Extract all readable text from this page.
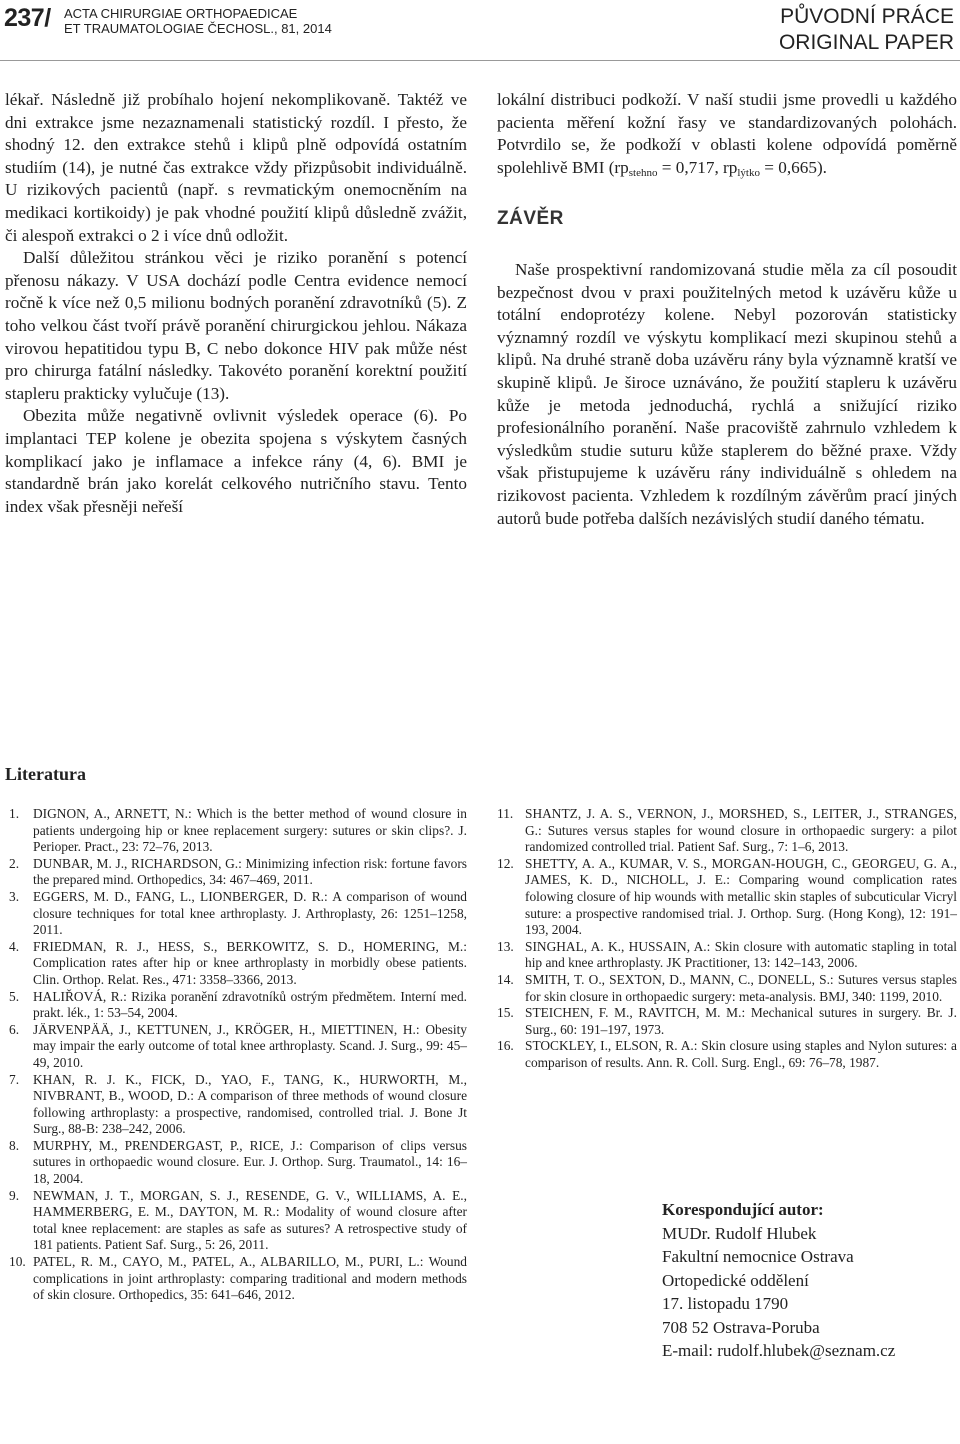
237/ ACTA CHIRURGIAE ORTHOPAEDICAE
ET TRAUMATOLOGIAE ČECHOSL., 81, 2014
PŮVODNÍ PRÁCE
ORIGINAL PAPER

lékař. Následně již probíhalo hojení nekomplikovaně. Taktéž ve dni extrakce jsme nezaznamenali statistický rozdíl. I přesto, že shodný 12. den extrakce stehů i klipů plně odpovídá ostatním studiím (14), je nutné čas extrakce vždy přizpůsobit individuálně. U rizikových pacientů (např. s revmatickým onemocněním na medikaci kortikoidy) je pak vhodné použití klipů důsledně zvážit, či alespoň extrakci o 2 i více dnů odložit.

Další důležitou stránkou věci je riziko poranění s potencí přenosu nákazy. V USA dochází podle Centra evidence nemocí ročně k více než 0,5 milionu bodných poranění zdravotníků (5). Z toho velkou část tvoří právě poranění chirurgickou jehlou. Nákaza virovou hepatitidou typu B, C nebo dokonce HIV pak může nést pro chirurga fatální následky. Takovéto poranění korektní použití stapleru prakticky vylučuje (13).

Obezita může negativně ovlivnit výsledek operace (6). Po implantaci TEP kolene je obezita spojena s výskytem časných komplikací jako je inflamace a infekce rány (4, 6). BMI je standardně brán jako korelát celkového nutričního stavu. Tento index však přesněji neřeší

lokální distribuci podkoží. V naší studii jsme provedli u každého pacienta měření kožní řasy ve standardizovaných polohách. Potvrdilo se, že podkoží v oblasti kolene odpovídá poměrně spolehlivě BMI ($rp_{stehno} = 0,717$, $rp_{lýtko} = 0,665$).

ZÁVĚR

Naše prospektivní randomizovaná studie měla za cíl posoudit bezpečnost dvou v praxi použitelných metod k uzávěru kůže u totální endoprotézy kolene. Nebyl pozorován statisticky významný rozdíl ve výskytu komplikací mezi skupinou stehů a klipů. Na druhé straně doba uzávěru rány byla významně kratší ve skupině klipů. Je široce uznáváno, že použití stapleru k uzávěru kůže je metoda jednoduchá, rychlá a snižující riziko profesionálního poranění. Naše pracoviště zahrnulo vzhledem k výsledkům studie suturu kůže staplerem do běžné praxe. Vždy však přistupujeme k uzávěru rány individuálně s ohledem na rizikovost pacienta. Vzhledem k rozdílným závěrům prací jiných autorů bude potřeba dalších nezávislých studií daného tématu.

Literatura
1. DIGNON, A., ARNETT, N.: Which is the better method of wound closure in patients undergoing hip or knee replacement surgery: sutures or skin clips?. J. Perioper. Pract., 23: 72–76, 2013.
2. DUNBAR, M. J., RICHARDSON, G.: Minimizing infection risk: fortune favors the prepared mind. Orthopedics, 34: 467–469, 2011.
3. EGGERS, M. D., FANG, L., LIONBERGER, D. R.: A comparison of wound closure techniques for total knee arthroplasty. J. Arthroplasty, 26: 1251–1258, 2011.
4. FRIEDMAN, R. J., HESS, S., BERKOWITZ, S. D., HOMERING, M.: Complication rates after hip or knee arthroplasty in morbidly obese patients. Clin. Orthop. Relat. Res., 471: 3358–3366, 2013.
5. HALIŘOVÁ, R.: Rizika poranění zdravotníků ostrým předmětem. Interní med. prakt. lék., 1: 53–54, 2004.
6. JÄRVENPÄÄ, J., KETTUNEN, J., KRÖGER, H., MIETTINEN, H.: Obesity may impair the early outcome of total knee arthroplasty. Scand. J. Surg., 99: 45–49, 2010.
7. KHAN, R. J. K., FICK, D., YAO, F., TANG, K., HURWORTH, M., NIVBRANT, B., WOOD, D.: A comparison of three methods of wound closure following arthroplasty: a prospective, randomised, controlled trial. J. Bone Jt Surg., 88-B: 238–242, 2006.
8. MURPHY, M., PRENDERGAST, P., RICE, J.: Comparison of clips versus sutures in orthopaedic wound closure. Eur. J. Orthop. Surg. Traumatol., 14: 16–18, 2004.
9. NEWMAN, J. T., MORGAN, S. J., RESENDE, G. V., WILLIAMS, A. E., HAMMERBERG, E. M., DAYTON, M. R.: Modality of wound closure after total knee replacement: are staples as safe as sutures? A retrospective study of 181 patients. Patient Saf. Surg., 5: 26, 2011.
10. PATEL, R. M., CAYO, M., PATEL, A., ALBARILLO, M., PURI, L.: Wound complications in joint arthroplasty: comparing traditional and modern methods of skin closure. Orthopedics, 35: 641–646, 2012.
11. SHANTZ, J. A. S., VERNON, J., MORSHED, S., LEITER, J., STRANGES, G.: Sutures versus staples for wound closure in orthopaedic surgery: a pilot randomized controlled trial. Patient Saf. Surg., 7: 1–6, 2013.
12. SHETTY, A. A., KUMAR, V. S., MORGAN-HOUGH, C., GEORGEU, G. A., JAMES, K. D., NICHOLL, J. E.: Comparing wound complication rates folowing closure of hip wounds with metallic skin staples of subcuticular Vicryl suture: a prospective randomised trial. J. Orthop. Surg. (Hong Kong), 12: 191–193, 2004.
13. SINGHAL, A. K., HUSSAIN, A.: Skin closure with automatic stapling in total hip and knee arthroplasty. JK Practitioner, 13: 142–143, 2006.
14. SMITH, T. O., SEXTON, D., MANN, C., DONELL, S.: Sutures versus staples for skin closure in orthopaedic surgery: meta-analysis. BMJ, 340: 1199, 2010.
15. STEICHEN, F. M., RAVITCH, M. M.: Mechanical sutures in surgery. Br. J. Surg., 60: 191–197, 1973.
16. STOCKLEY, I., ELSON, R. A.: Skin closure using staples and Nylon sutures: a comparison of results. Ann. R. Coll. Surg. Engl., 69: 76–78, 1987.
Korespondující autor:
MUDr. Rudolf Hlubek
Fakultní nemocnice Ostrava
Ortopedické oddělení
17. listopadu 1790
708 52 Ostrava-Poruba
E-mail: rudolf.hlubek@seznam.cz
